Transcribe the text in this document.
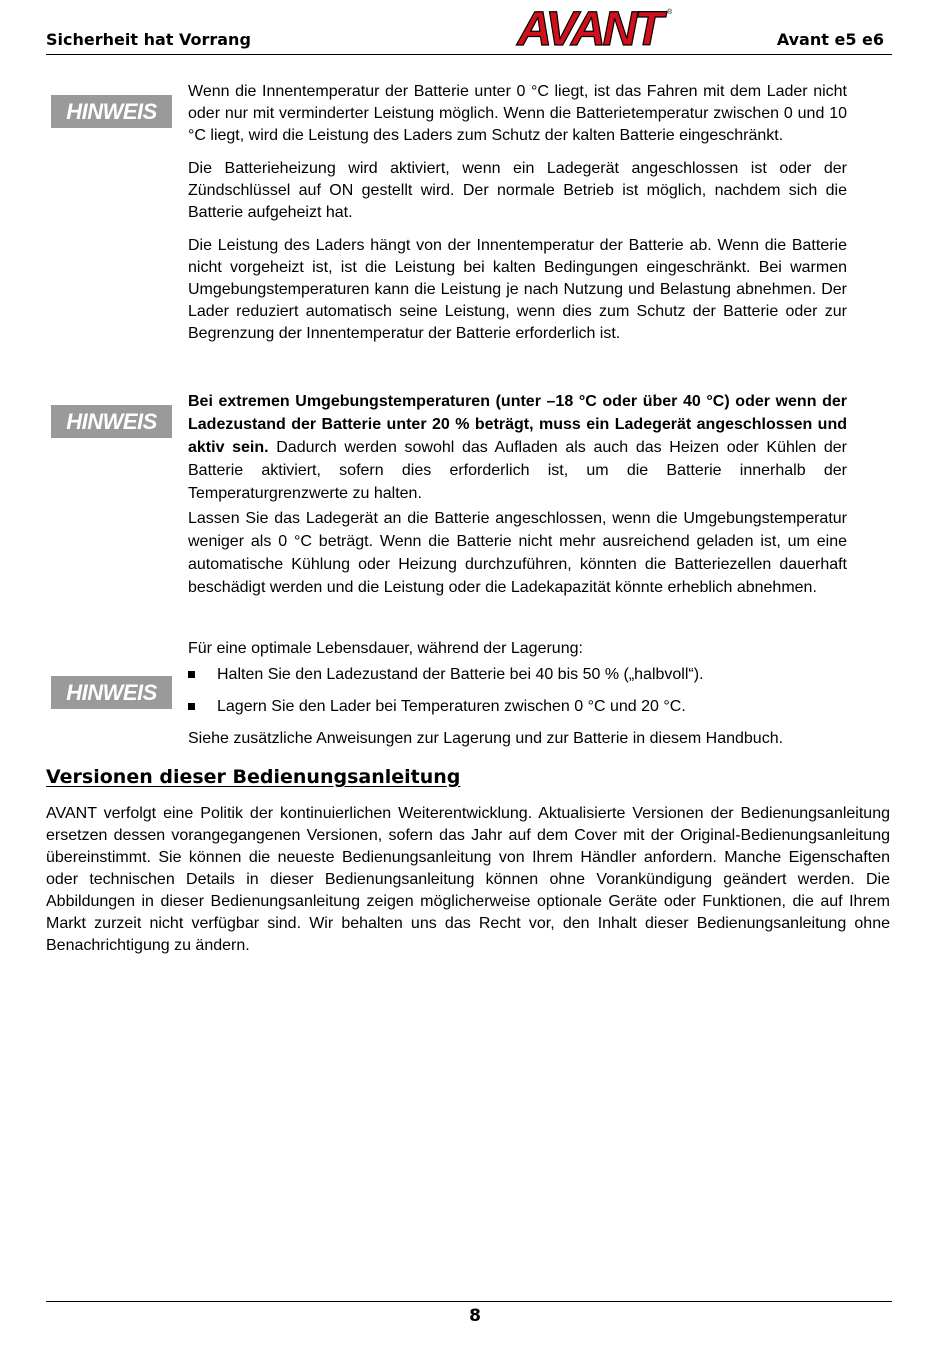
Sicherheit hat Vorrang	AVANT ®
Avant e5 e6
HINWEIS

Wenn die Innentemperatur der Batterie unter 0 °C liegt, ist das Fahren mit dem Lader nicht oder nur mit verminderter Leistung möglich. Wenn die Batterietemperatur zwischen 0 und 10 °C liegt, wird die Leistung des Laders zum Schutz der kalten Batterie eingeschränkt.

Die Batterieheizung wird aktiviert, wenn ein Ladegerät angeschlossen ist oder der Zündschlüssel auf ON gestellt wird. Der normale Betrieb ist möglich, nachdem sich die Batterie aufgeheizt hat.

Die Leistung des Laders hängt von der Innentemperatur der Batterie ab. Wenn die Batterie nicht vorgeheizt ist, ist die Leistung bei kalten Bedingungen eingeschränkt. Bei warmen Umgebungstemperaturen kann die Leistung je nach Nutzung und Belastung abnehmen. Der Lader reduziert automatisch seine Leistung, wenn dies zum Schutz der Batterie oder zur Begrenzung der Innentemperatur der Batterie erforderlich ist.

HINWEIS

Bei extremen Umgebungstemperaturen (unter –18 °C oder über 40 °C) oder wenn der Ladezustand der Batterie unter 20 % beträgt, muss ein Ladegerät angeschlossen und aktiv sein. Dadurch werden sowohl das Aufladen als auch das Heizen oder Kühlen der Batterie aktiviert, sofern dies erforderlich ist, um die Batterie innerhalb der Temperaturgrenzwerte zu halten.

Lassen Sie das Ladegerät an die Batterie angeschlossen, wenn die Umgebungstemperatur weniger als 0 °C beträgt. Wenn die Batterie nicht mehr ausreichend geladen ist, um eine automatische Kühlung oder Heizung durchzuführen, könnten die Batteriezellen dauerhaft beschädigt werden und die Leistung oder die Ladekapazität könnte erheblich abnehmen.

HINWEIS

Für eine optimale Lebensdauer, während der Lagerung:

Halten Sie den Ladezustand der Batterie bei 40 bis 50 % („halbvoll“).
Lagern Sie den Lader bei Temperaturen zwischen 0 °C und 20 °C.

Siehe zusätzliche Anweisungen zur Lagerung und zur Batterie in diesem Handbuch.

Versionen dieser Bedienungsanleitung

AVANT verfolgt eine Politik der kontinuierlichen Weiterentwicklung. Aktualisierte Versionen der Bedienungsanleitung ersetzen dessen vorangegangenen Versionen, sofern das Jahr auf dem Cover mit der Original-Bedienungsanleitung übereinstimmt. Sie können die neueste Bedienungsanleitung von Ihrem Händler anfordern. Manche Eigenschaften oder technischen Details in dieser Bedienungsanleitung können ohne Vorankündigung geändert werden. Die Abbildungen in dieser Bedienungsanleitung zeigen möglicherweise optionale Geräte oder Funktionen, die auf Ihrem Markt zurzeit nicht verfügbar sind. Wir behalten uns das Recht vor, den Inhalt dieser Bedienungsanleitung ohne Benachrichtigung zu ändern.

8
